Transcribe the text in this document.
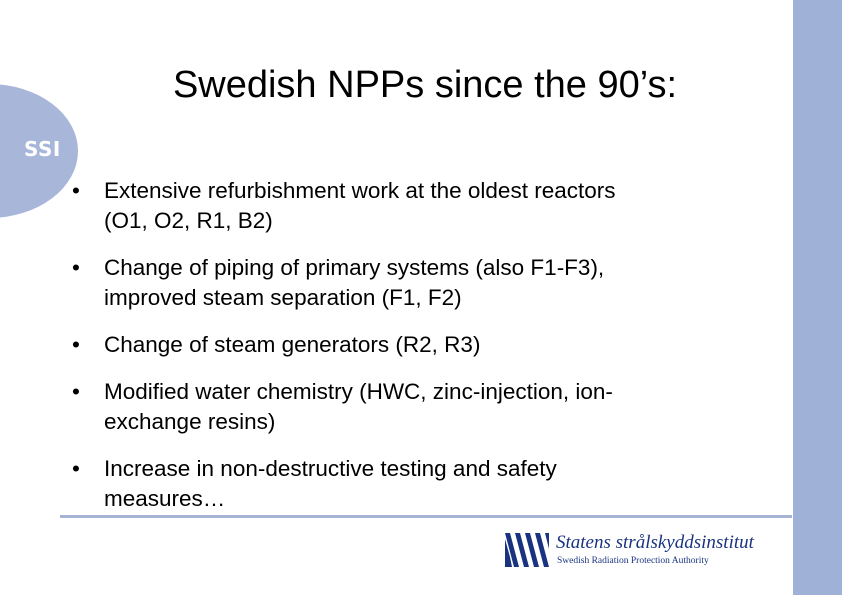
SSI
Swedish NPPs since the 90’s:
• Extensive refurbishment work at the oldest reactors
(O1, O2, R1, B2)
• Change of piping of primary systems (also F1-F3),
improved steam separation (F1, F2)
• Change of steam generators (R2, R3)
• Modified water chemistry (HWC, zinc-injection, ion-
exchange resins)
• Increase in non-destructive testing and safety
measures…
Statens strålskyddsinstitut
Swedish Radiation Protection Authority
